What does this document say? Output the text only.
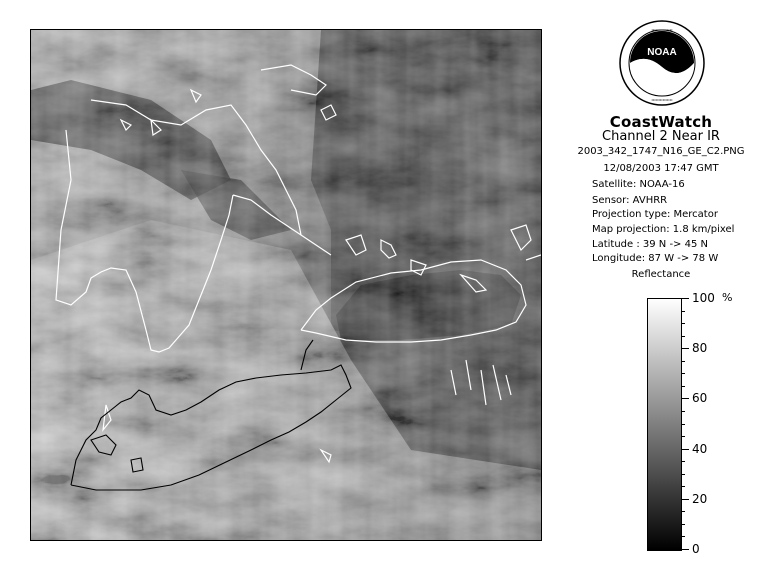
NOAA
•••••••••••••••
•••••••••••••••
CoastWatch
Channel 2 Near IR
2003_342_1747_N16_GE_C2.PNG
12/08/2003 17:47 GMT
Satellite: NOAA-16
Sensor: AVHRR
Projection type: Mercator
Map projection: 1.8 km/pixel
Latitude : 39 N -> 45 N
Longitude: 87 W -> 78 W
Reflectance
%
100
80
60
40
20
0
